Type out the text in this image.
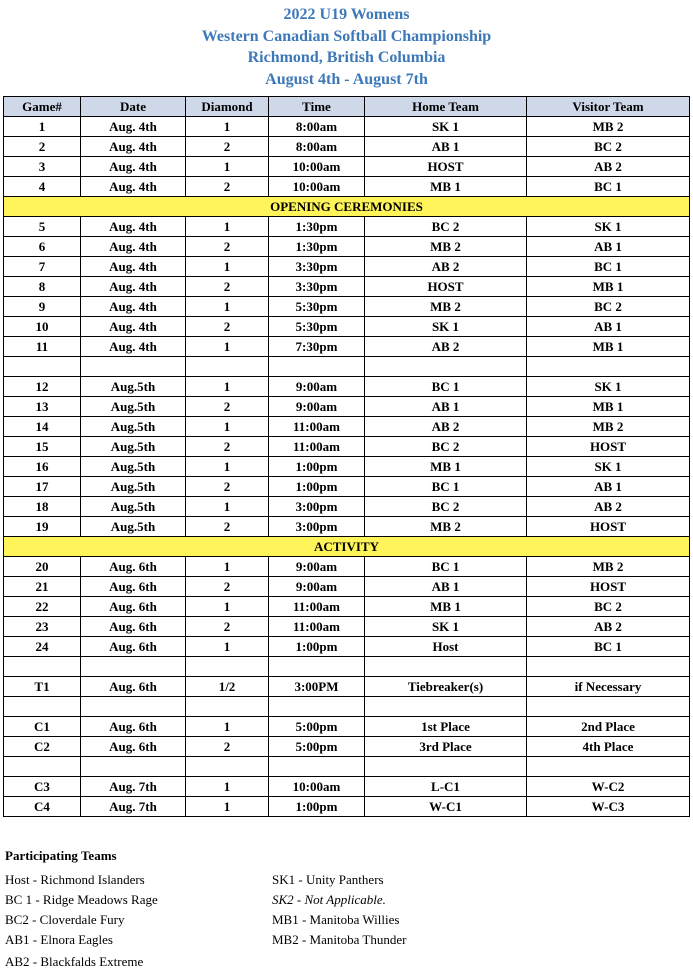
2022 U19 Womens
Western Canadian Softball Championship
Richmond, British Columbia
August 4th - August 7th
Game#	Date	Diamond	Time	Home Team	Visitor Team
1	Aug. 4th	1	8:00am	SK 1	MB 2
2	Aug. 4th	2	8:00am	AB 1	BC 2
3	Aug. 4th	1	10:00am	HOST	AB 2
4	Aug. 4th	2	10:00am	MB 1	BC 1
OPENING CEREMONIES					
5	Aug. 4th	1	1:30pm	BC 2	SK 1
6	Aug. 4th	2	1:30pm	MB 2	AB 1
7	Aug. 4th	1	3:30pm	AB 2	BC 1
8	Aug. 4th	2	3:30pm	HOST	MB 1
9	Aug. 4th	1	5:30pm	MB 2	BC 2
10	Aug. 4th	2	5:30pm	SK 1	AB 1
11	Aug. 4th	1	7:30pm	AB 2	MB 1

12	Aug.5th	1	9:00am	BC 1	SK 1
13	Aug.5th	2	9:00am	AB 1	MB 1
14	Aug.5th	1	11:00am	AB 2	MB 2
15	Aug.5th	2	11:00am	BC 2	HOST
16	Aug.5th	1	1:00pm	MB 1	SK 1
17	Aug.5th	2	1:00pm	BC 1	AB 1
18	Aug.5th	1	3:00pm	BC 2	AB 2
19	Aug.5th	2	3:00pm	MB 2	HOST
ACTIVITY					
20	Aug. 6th	1	9:00am	BC 1	MB 2
21	Aug. 6th	2	9:00am	AB 1	HOST
22	Aug. 6th	1	11:00am	MB 1	BC 2
23	Aug. 6th	2	11:00am	SK 1	AB 2
24	Aug. 6th	1	1:00pm	Host	BC 1

T1	Aug. 6th	1/2	3:00PM	Tiebreaker(s)	if Necessary

C1	Aug. 6th	1	5:00pm	1st Place	2nd Place
C2	Aug. 6th	2	5:00pm	3rd Place	4th Place

C3	Aug. 7th	1	10:00am	L-C1	W-C2
C4	Aug. 7th	1	1:00pm	W-C1	W-C3
Participating Teams
Host - Richmond Islanders
BC 1 - Ridge Meadows Rage
BC2 - Cloverdale Fury
AB1 - Elnora Eagles
AB2 - Blackfalds Extreme
SK1 - Unity Panthers
SK2 - Not Applicable.
MB1 - Manitoba Willies
MB2 - Manitoba Thunder
